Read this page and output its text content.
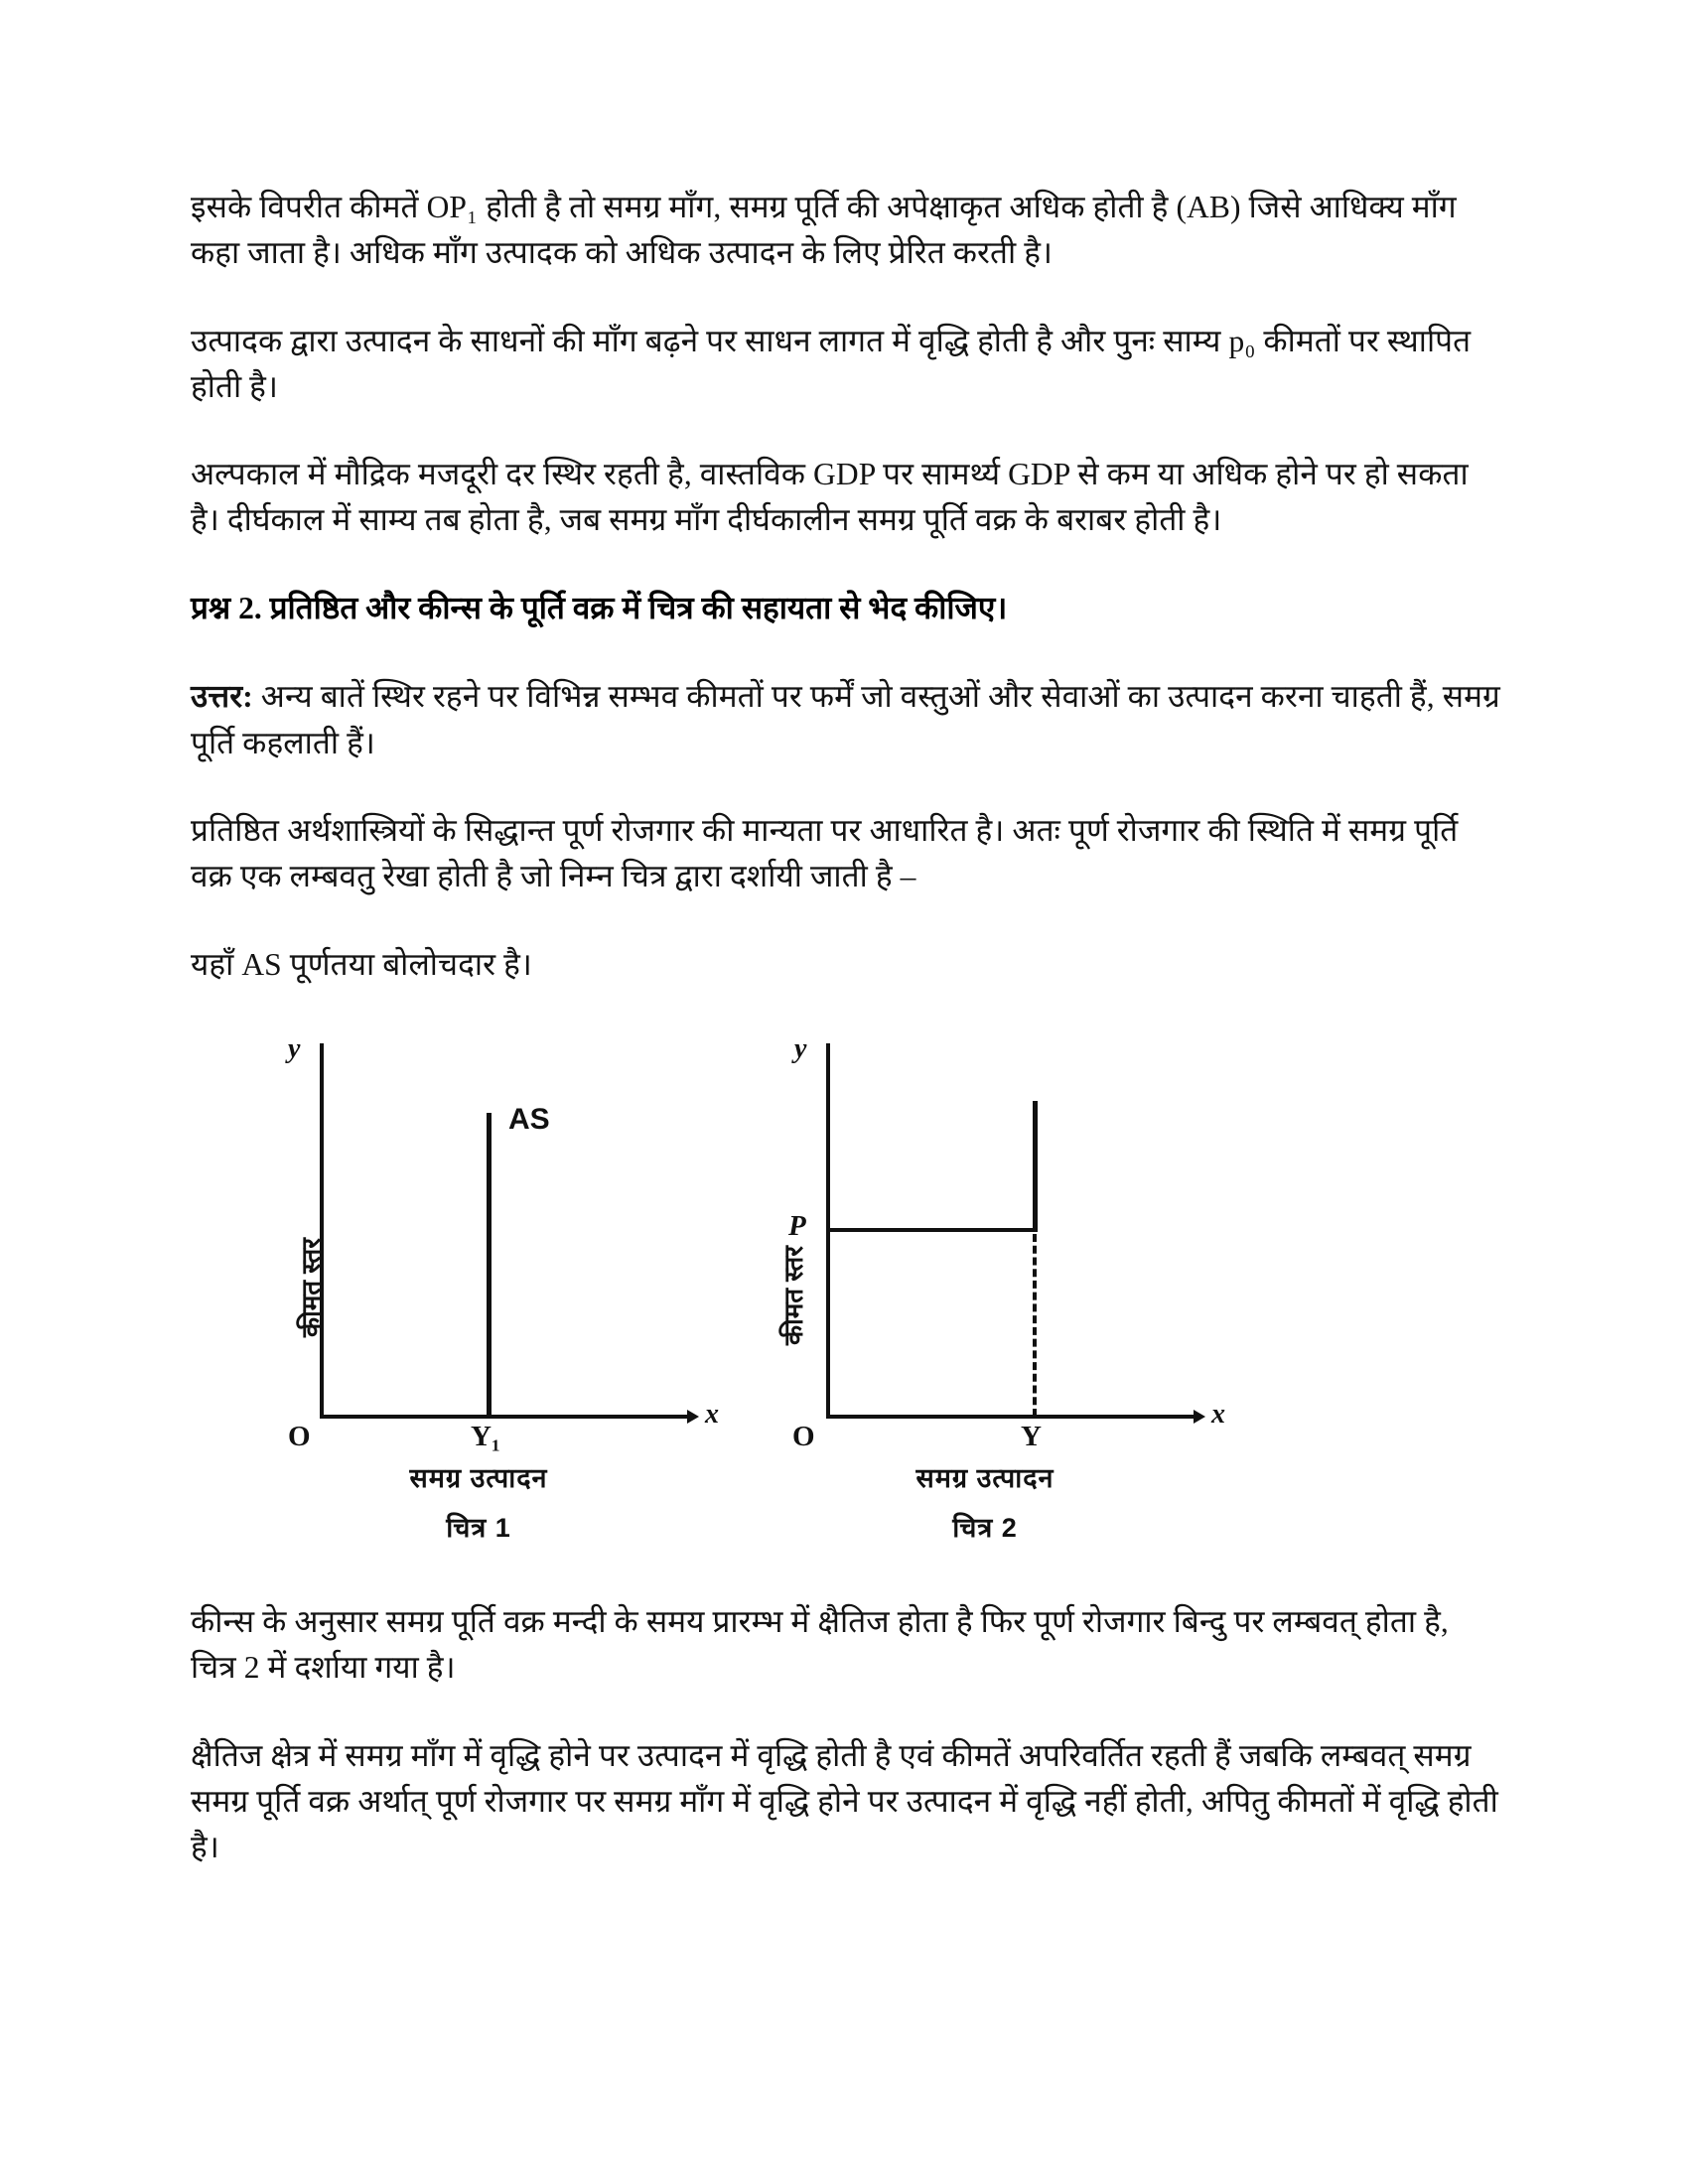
इसके विपरीत कीमतें OP₁ होती है तो समग्र माँग, समग्र पूर्ति की अपेक्षाकृत अधिक होती है (AB) जिसे आधिक्य माँग कहा जाता है। अधिक माँग उत्पादक को अधिक उत्पादन के लिए प्रेरित करती है।

उत्पादक द्वारा उत्पादन के साधनों की माँग बढ़ने पर साधन लागत में वृद्धि होती है और पुनः साम्य p₀ कीमतों पर स्थापित होती है।

अल्पकाल में मौद्रिक मजदूरी दर स्थिर रहती है, वास्तविक GDP पर सामर्थ्य GDP से कम या अधिक होने पर हो सकता है। दीर्घकाल में साम्य तब होता है, जब समग्र माँग दीर्घकालीन समग्र पूर्ति वक्र के बराबर होती है।

प्रश्न 2. प्रतिष्ठित और कीन्स के पूर्ति वक्र में चित्र की सहायता से भेद कीजिए।

उत्तर: अन्य बातें स्थिर रहने पर विभिन्न सम्भव कीमतों पर फर्में जो वस्तुओं और सेवाओं का उत्पादन करना चाहती हैं, समग्र पूर्ति कहलाती हैं।

प्रतिष्ठित अर्थशास्त्रियों के सिद्धान्त पूर्ण रोजगार की मान्यता पर आधारित है। अतः पूर्ण रोजगार की स्थिति में समग्र पूर्ति वक्र एक लम्बवतु रेखा होती है जो निम्न चित्र द्वारा दर्शायी जाती है –

यहाँ AS पूर्णतया बोलोचदार है।

y
x
कीमत स्तर
AS
O	Y₁
समग्र उत्पादन
चित्र 1
y
x
कीमत स्तर
P
O	Y
समग्र उत्पादन
चित्र 2

कीन्स के अनुसार समग्र पूर्ति वक्र मन्दी के समय प्रारम्भ में क्षैतिज होता है फिर पूर्ण रोजगार बिन्दु पर लम्बवत् होता है, चित्र 2 में दर्शाया गया है।

क्षैतिज क्षेत्र में समग्र माँग में वृद्धि होने पर उत्पादन में वृद्धि होती है एवं कीमतें अपरिवर्तित रहती हैं जबकि लम्बवत् समग्र समग्र पूर्ति वक्र अर्थात् पूर्ण रोजगार पर समग्र माँग में वृद्धि होने पर उत्पादन में वृद्धि नहीं होती, अपितु कीमतों में वृद्धि होती है।
